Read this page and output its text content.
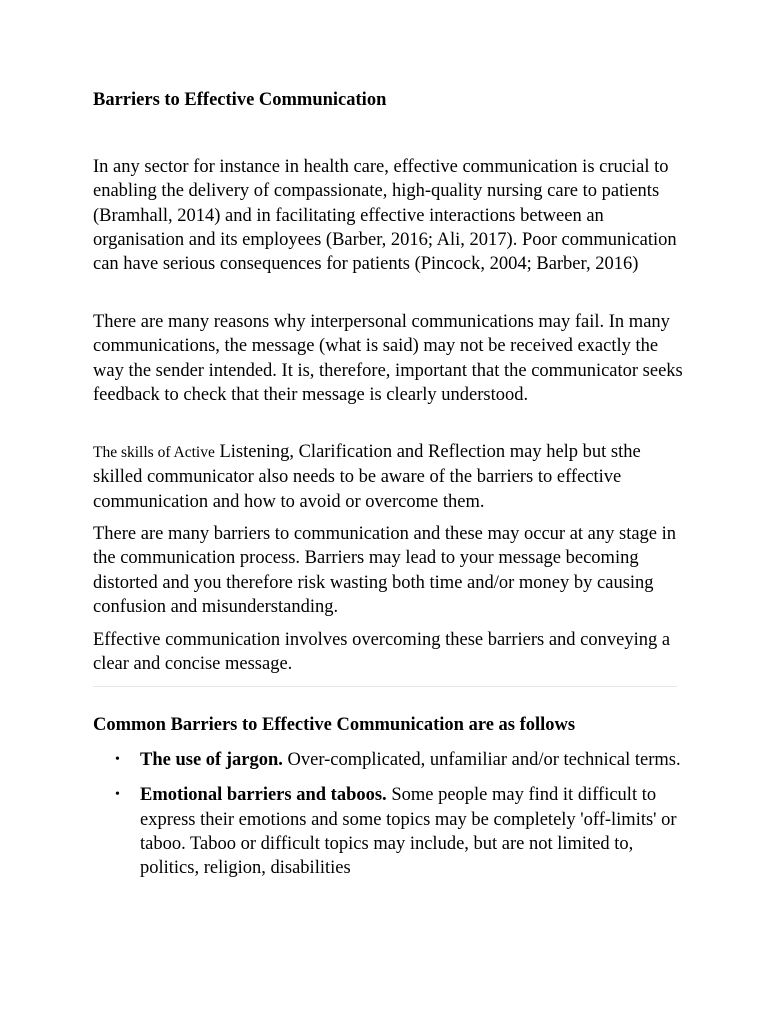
Barriers to Effective Communication

In any sector for instance in health care, effective communication is crucial to enabling the delivery of compassionate, high-quality nursing care to patients (Bramhall, 2014) and in facilitating effective interactions between an organisation and its employees (Barber, 2016; Ali, 2017). Poor communication can have serious consequences for patients (Pincock, 2004; Barber, 2016)

There are many reasons why interpersonal communications may fail. In many communications, the message (what is said) may not be received exactly the way the sender intended. It is, therefore, important that the communicator seeks feedback to check that their message is clearly understood.

The skills of Active Listening, Clarification and Reflection may help but sthe skilled communicator also needs to be aware of the barriers to effective communication and how to avoid or overcome them.

There are many barriers to communication and these may occur at any stage in the communication process. Barriers may lead to your message becoming distorted and you therefore risk wasting both time and/or money by causing confusion and misunderstanding.

Effective communication involves overcoming these barriers and conveying a clear and concise message.

Common Barriers to Effective Communication are as follows
• The use of jargon. Over-complicated, unfamiliar and/or technical terms.
• Emotional barriers and taboos. Some people may find it difficult to express their emotions and some topics may be completely 'off-limits' or taboo. Taboo or difficult topics may include, but are not limited to, politics, religion, disabilities
